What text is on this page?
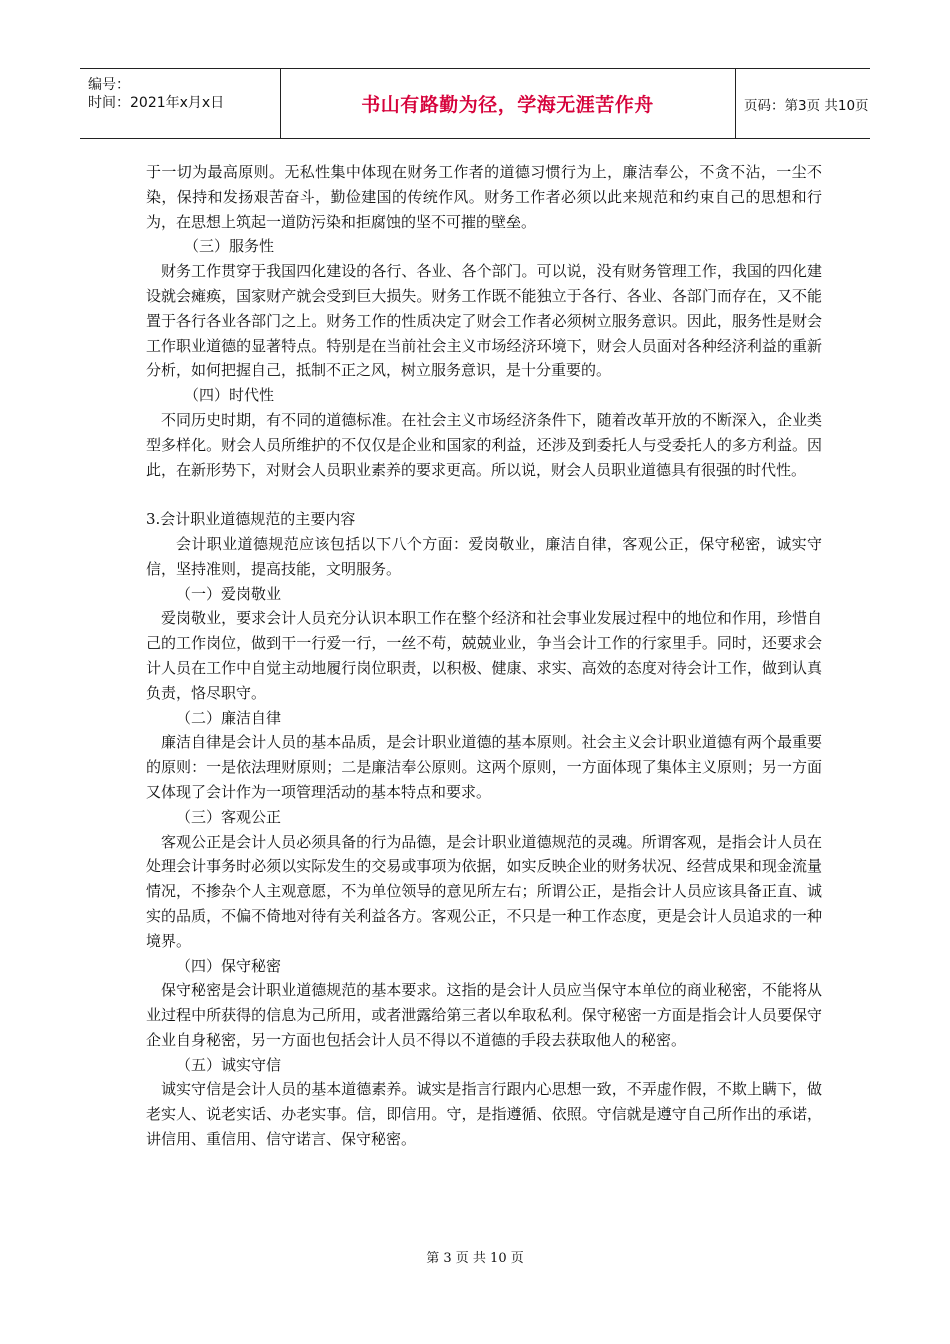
编号：
时间：2021年x月x日	书山有路勤为径，学海无涯苦作舟	页码：第3页 共10页

于一切为最高原则。无私性集中体现在财务工作者的道德习惯行为上，廉洁奉公，不贪不沾，一尘不染，保持和发扬艰苦奋斗，勤俭建国的传统作风。财务工作者必须以此来规范和约束自己的思想和行为，在思想上筑起一道防污染和拒腐蚀的坚不可摧的壁垒。

（三）服务性

财务工作贯穿于我国四化建设的各行、各业、各个部门。可以说，没有财务管理工作，我国的四化建设就会瘫痪，国家财产就会受到巨大损失。财务工作既不能独立于各行、各业、各部门而存在，又不能置于各行各业各部门之上。财务工作的性质决定了财会工作者必须树立服务意识。因此，服务性是财会工作职业道德的显著特点。特别是在当前社会主义市场经济环境下，财会人员面对各种经济利益的重新分析，如何把握自己，抵制不正之风，树立服务意识，是十分重要的。

（四）时代性

不同历史时期，有不同的道德标准。在社会主义市场经济条件下，随着改革开放的不断深入，企业类型多样化。财会人员所维护的不仅仅是企业和国家的利益，还涉及到委托人与受委托人的多方利益。因此，在新形势下，对财会人员职业素养的要求更高。所以说，财会人员职业道德具有很强的时代性。

3.会计职业道德规范的主要内容

会计职业道德规范应该包括以下八个方面：爱岗敬业，廉洁自律，客观公正，保守秘密，诚实守信，坚持准则，提高技能，文明服务。

（一）爱岗敬业

爱岗敬业，要求会计人员充分认识本职工作在整个经济和社会事业发展过程中的地位和作用，珍惜自己的工作岗位，做到干一行爱一行，一丝不苟，兢兢业业，争当会计工作的行家里手。同时，还要求会计人员在工作中自觉主动地履行岗位职责，以积极、健康、求实、高效的态度对待会计工作，做到认真负责，恪尽职守。

（二）廉洁自律

廉洁自律是会计人员的基本品质，是会计职业道德的基本原则。社会主义会计职业道德有两个最重要的原则：一是依法理财原则；二是廉洁奉公原则。这两个原则，一方面体现了集体主义原则；另一方面又体现了会计作为一项管理活动的基本特点和要求。

（三）客观公正

客观公正是会计人员必须具备的行为品德，是会计职业道德规范的灵魂。所谓客观，是指会计人员在处理会计事务时必须以实际发生的交易或事项为依据，如实反映企业的财务状况、经营成果和现金流量情况，不掺杂个人主观意愿，不为单位领导的意见所左右；所谓公正，是指会计人员应该具备正直、诚实的品质，不偏不倚地对待有关利益各方。客观公正，不只是一种工作态度，更是会计人员追求的一种境界。

（四）保守秘密

保守秘密是会计职业道德规范的基本要求。这指的是会计人员应当保守本单位的商业秘密，不能将从业过程中所获得的信息为己所用，或者泄露给第三者以牟取私利。保守秘密一方面是指会计人员要保守企业自身秘密，另一方面也包括会计人员不得以不道德的手段去获取他人的秘密。

（五）诚实守信

诚实守信是会计人员的基本道德素养。诚实是指言行跟内心思想一致，不弄虚作假，不欺上瞒下，做老实人、说老实话、办老实事。信，即信用。守，是指遵循、依照。守信就是遵守自己所作出的承诺，讲信用、重信用、信守诺言、保守秘密。

第 3 页 共 10 页
